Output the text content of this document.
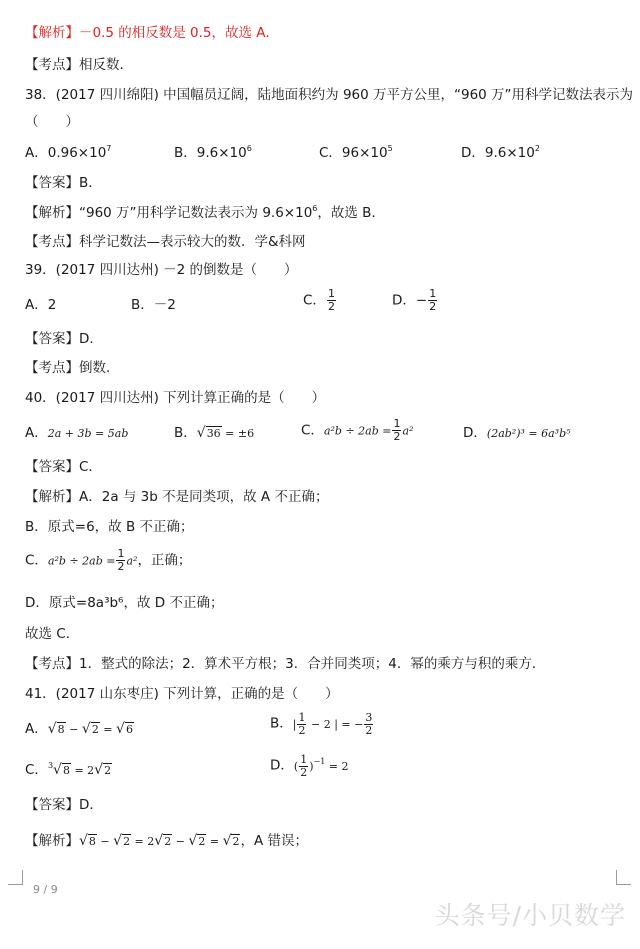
【解析】－0.5 的相反数是 0.5，故选 A．
【考点】相反数．
38．(2017 四川绵阳) 中国幅员辽阔，陆地面积约为 960 万平方公里，“960 万”用科学记数法表示为
（　　）
A．$0.96\times 10^7$	B．$9.6\times 10^6$	C．$96\times 10^5$	D．$9.6\times 10^2$
【答案】B．
【解析】“960 万”用科学记数法表示为 $9.6\times 10^6$，故选 B．
【考点】科学记数法—表示较大的数．学&科网
39．(2017 四川达州) －2 的倒数是（　　）
A．2	B．－2	C． $\frac{1}{2}$	D．− $\frac{1}{2}$
【答案】D．
【考点】倒数．
40．(2017 四川达州) 下列计算正确的是（　　）
A．2a + 3b = 5ab	B．√36 = ±6	C．$a^2b \div 2ab = \frac{1}{2} a^2$	D．(2ab²)³ = 6a³b⁵
【答案】C．
【解析】A．2a 与 3b 不是同类项，故 A 不正确；
B．原式=6，故 B 不正确；
C．$a^2b \div 2ab = \frac{1}{2} a^2$，正确；
D．原式=8a³b⁶，故 D 不正确；
故选 C．
【考点】1．整式的除法；2．算术平方根；3．合并同类项；4．幂的乘方与积的乘方．
41．(2017 山东枣庄) 下列计算，正确的是（　　）
A．√8 − √2 = √6	B．| $\frac{1}{2} - 2$ | = − $\frac{3}{2}$
C．$^3$√8 = 2√2	D．( $\frac{1}{2} )^{-1} = 2$
【答案】D．
【解析】√8 − √2 = 2√2 − √2 = √2，A 错误；
9 / 9
头条号/小贝数学
